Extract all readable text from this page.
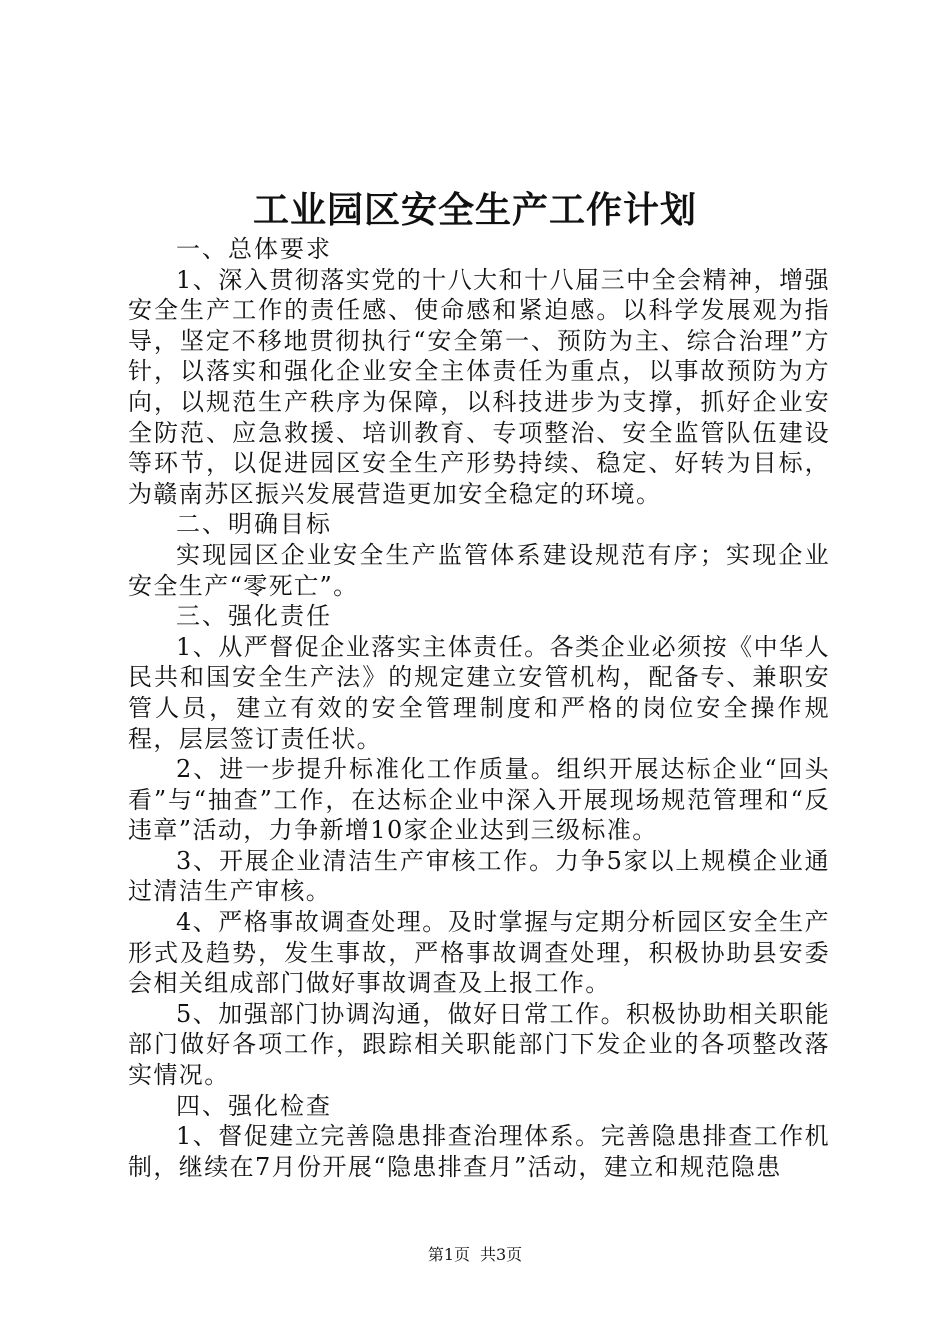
工业园区安全生产工作计划

一、总体要求

1、深入贯彻落实党的十八大和十八届三中全会精神，增强安全生产工作的责任感、使命感和紧迫感。以科学发展观为指导，坚定不移地贯彻执行“安全第一、预防为主、综合治理”方针，以落实和强化企业安全主体责任为重点，以事故预防为方向，以规范生产秩序为保障，以科技进步为支撑，抓好企业安全防范、应急救援、培训教育、专项整治、安全监管队伍建设等环节，以促进园区安全生产形势持续、稳定、好转为目标，为赣南苏区振兴发展营造更加安全稳定的环境。

二、明确目标

实现园区企业安全生产监管体系建设规范有序；实现企业安全生产“零死亡”。

三、强化责任

1、从严督促企业落实主体责任。各类企业必须按《中华人民共和国安全生产法》的规定建立安管机构，配备专、兼职安管人员，建立有效的安全管理制度和严格的岗位安全操作规程，层层签订责任状。

2、进一步提升标准化工作质量。组织开展达标企业“回头看”与“抽查”工作，在达标企业中深入开展现场规范管理和“反违章”活动，力争新增10家企业达到三级标准。

3、开展企业清洁生产审核工作。力争5家以上规模企业通过清洁生产审核。

4、严格事故调查处理。及时掌握与定期分析园区安全生产形式及趋势，发生事故，严格事故调查处理，积极协助县安委会相关组成部门做好事故调查及上报工作。

5、加强部门协调沟通，做好日常工作。积极协助相关职能部门做好各项工作，跟踪相关职能部门下发企业的各项整改落实情况。

四、强化检查

1、督促建立完善隐患排查治理体系。完善隐患排查工作机制，继续在7月份开展“隐患排查月”活动，建立和规范隐患

第1页 共3页
